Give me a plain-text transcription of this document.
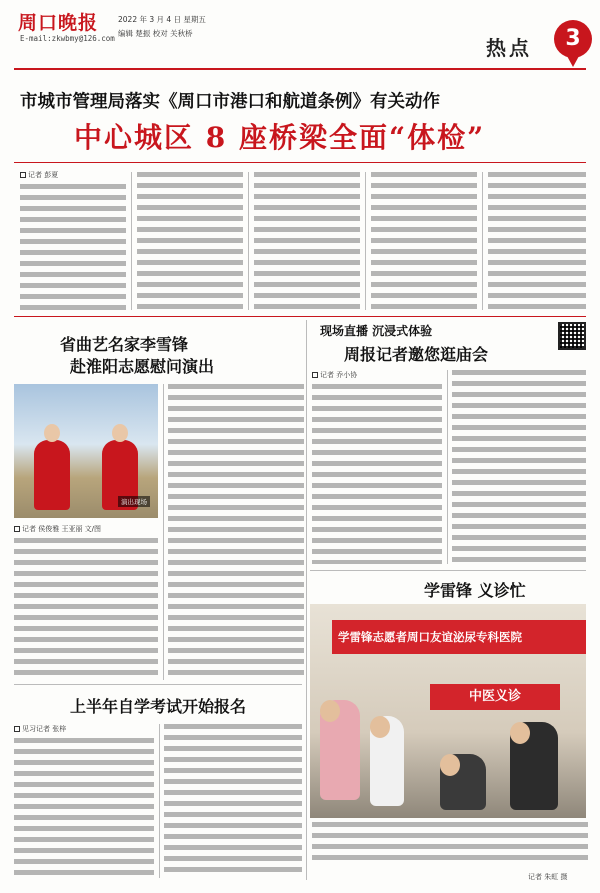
周口晚报
E-mail:zkwbmy@126.com
2022 年 3 月 4 日 星期五
编辑 楚振 校对 关秋桥
热点	3
市城市管理局落实《周口市港口和航道条例》有关动作
中心城区 8 座桥梁全面“体检”
记者 彭夏
省曲艺名家李雪锋
赴淮阳志愿慰问演出
演出现场
记者 侯俊雅 王亚丽 文/图
现场直播 沉浸式体验
周报记者邀您逛庙会
记者 乔小协
学雷锋 义诊忙
学雷锋志愿者周口友谊泌尿专科医院
中医义诊
记者 朱虹 摄
上半年自学考试开始报名
见习记者 张梓
